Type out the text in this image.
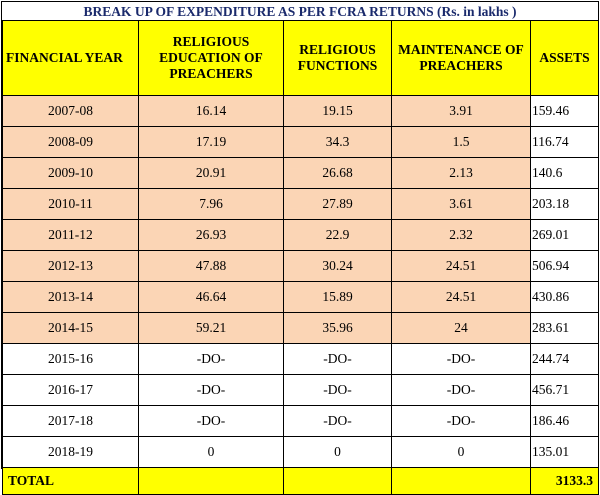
BREAK UP OF EXPENDITURE AS PER FCRA RETURNS (Rs. in lakhs )
FINANCIAL YEAR	RELIGIOUS EDUCATION OF PREACHERS	RELIGIOUS FUNCTIONS	MAINTENANCE OF PREACHERS	ASSETS
2007-08	16.14	19.15	3.91	159.46
2008-09	17.19	34.3	1.5	116.74
2009-10	20.91	26.68	2.13	140.6
2010-11	7.96	27.89	3.61	203.18
2011-12	26.93	22.9	2.32	269.01
2012-13	47.88	30.24	24.51	506.94
2013-14	46.64	15.89	24.51	430.86
2014-15	59.21	35.96	24	283.61
2015-16	-DO-	-DO-	-DO-	244.74
2016-17	-DO-	-DO-	-DO-	456.71
2017-18	-DO-	-DO-	-DO-	186.46
2018-19	0	0	0	135.01
TOTAL				3133.3
